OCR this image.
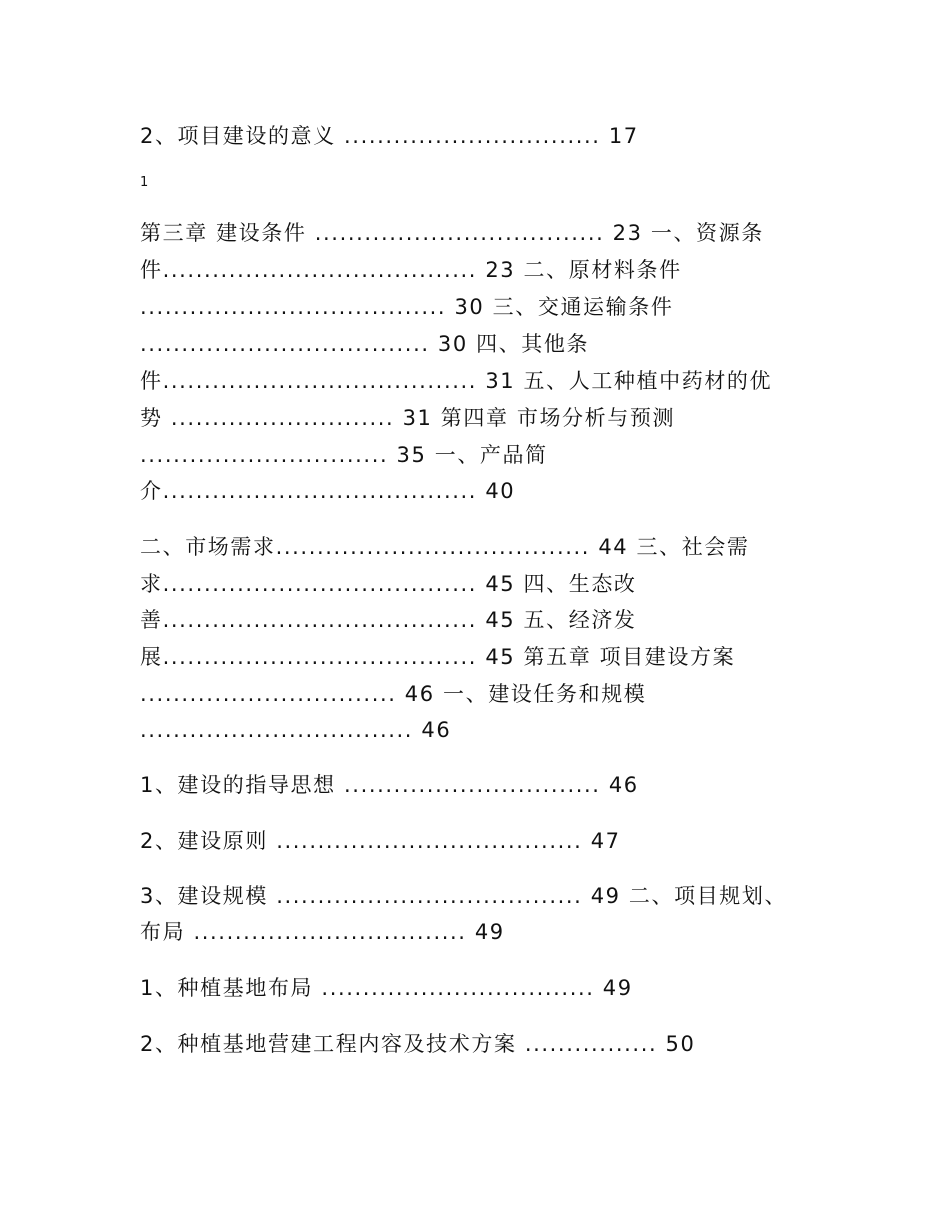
2、项目建设的意义 ............................... 17
1
第三章 建设条件 ................................... 23 一、资源条
件...................................... 23 二、原材料条件
..................................... 30 三、交通运输条件
................................... 30 四、其他条
件...................................... 31 五、人工种植中药材的优
势 ........................... 31 第四章 市场分析与预测
.............................. 35 一、产品简
介...................................... 40
二、市场需求...................................... 44 三、社会需
求...................................... 45 四、生态改
善...................................... 45 五、经济发
展...................................... 45 第五章 项目建设方案
............................... 46 一、建设任务和规模
................................. 46
1、建设的指导思想 ............................... 46
2、建设原则 ..................................... 47
3、建设规模 ..................................... 49 二、项目规划、
布局 ................................. 49
1、种植基地布局 ................................. 49
2、种植基地营建工程内容及技术方案 ................ 50
